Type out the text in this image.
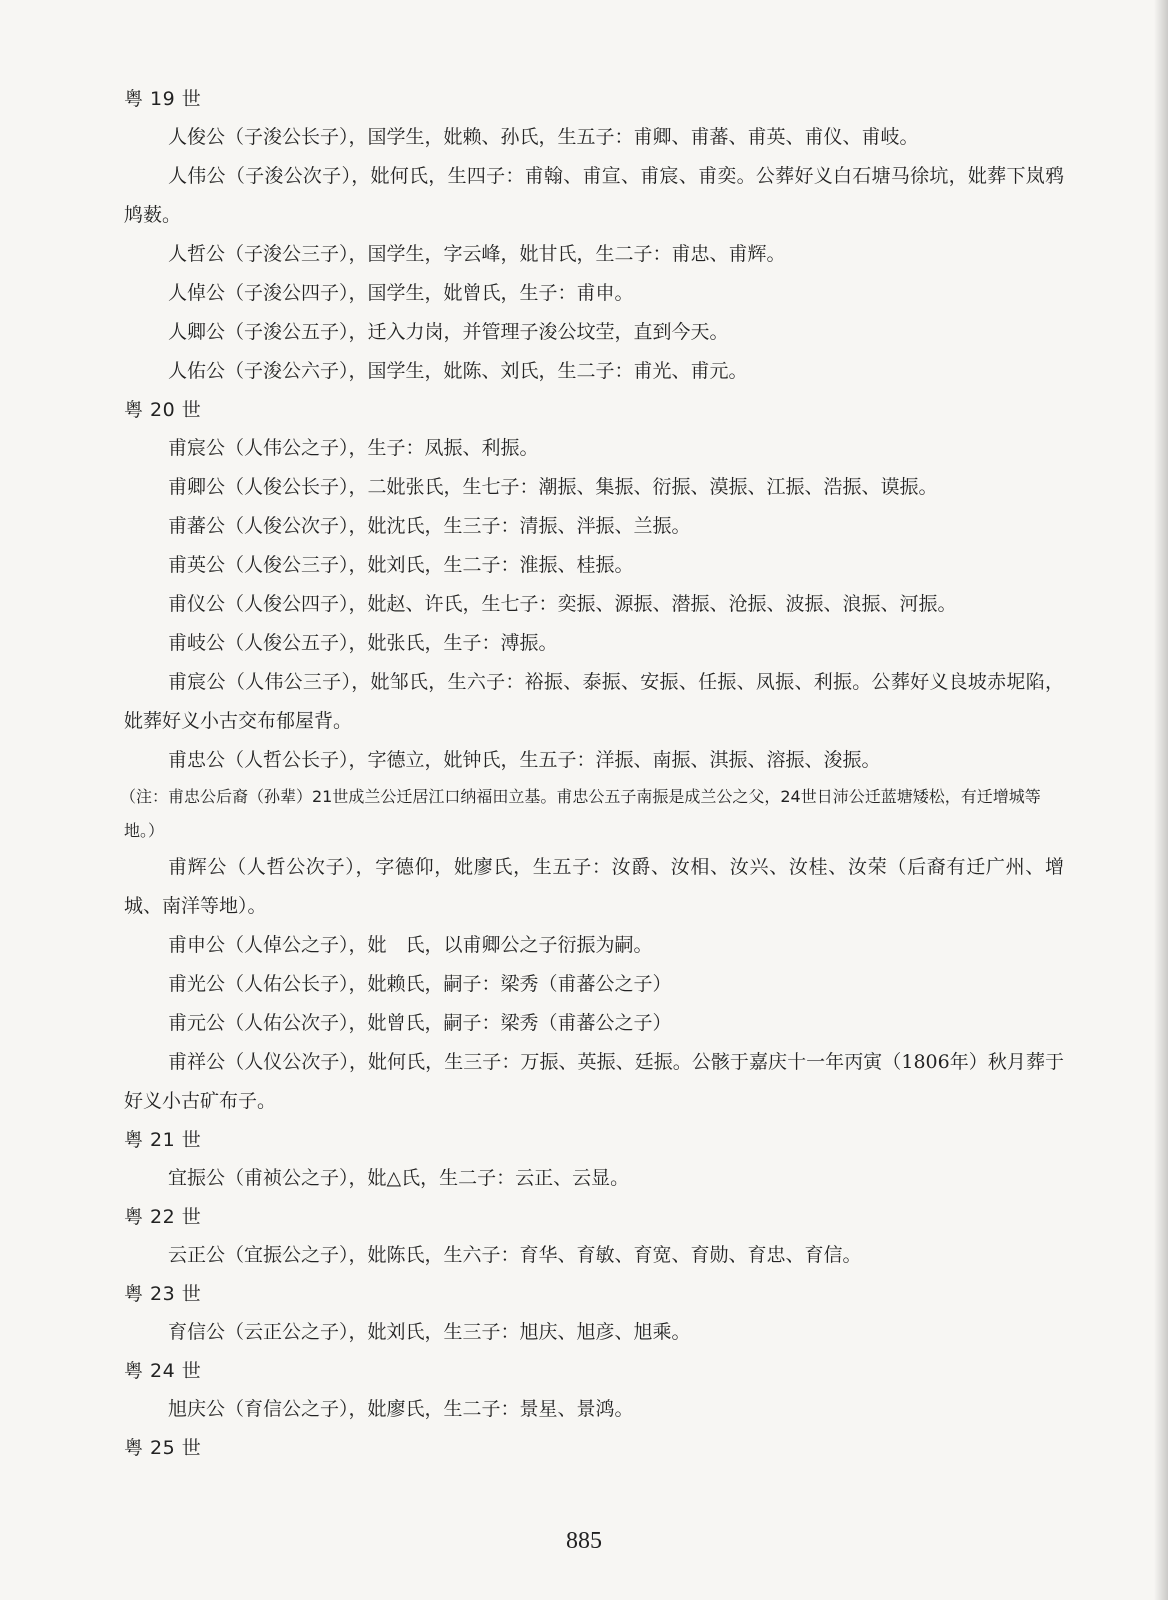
粤 19 世

人俊公（子浚公长子），国学生，妣赖、孙氏，生五子：甫卿、甫蕃、甫英、甫仪、甫岐。

人伟公（子浚公次子），妣何氏，生四子：甫翰、甫宣、甫宸、甫奕。公葬好义白石塘马徐坑，妣葬下岚鸦鸠薮。

人哲公（子浚公三子），国学生，字云峰，妣甘氏，生二子：甫忠、甫辉。

人倬公（子浚公四子），国学生，妣曾氏，生子：甫申。

人卿公（子浚公五子），迁入力岗，并管理子浚公坟茔，直到今天。

人佑公（子浚公六子），国学生，妣陈、刘氏，生二子：甫光、甫元。

粤 20 世

甫宸公（人伟公之子），生子：凤振、利振。

甫卿公（人俊公长子），二妣张氏，生七子：潮振、集振、衍振、漠振、江振、浩振、谟振。

甫蕃公（人俊公次子），妣沈氏，生三子：清振、泮振、兰振。

甫英公（人俊公三子），妣刘氏，生二子：淮振、桂振。

甫仪公（人俊公四子），妣赵、许氏，生七子：奕振、源振、潜振、沧振、波振、浪振、河振。

甫岐公（人俊公五子），妣张氏，生子：溥振。

甫宸公（人伟公三子），妣邹氏，生六子：裕振、泰振、安振、任振、凤振、利振。公葬好义良坡赤坭陷，妣葬好义小古交布郁屋背。

甫忠公（人哲公长子），字德立，妣钟氏，生五子：洋振、南振、淇振、溶振、浚振。

（注：甫忠公后裔（孙辈）21世成兰公迁居江口纳福田立基。甫忠公五子南振是成兰公之父，24世日沛公迁蓝塘矮松，有迁增城等地。）

甫辉公（人哲公次子），字德仰，妣廖氏，生五子：汝爵、汝相、汝兴、汝桂、汝荣（后裔有迁广州、增城、南洋等地）。

甫申公（人倬公之子），妣　氏，以甫卿公之子衍振为嗣。

甫光公（人佑公长子），妣赖氏，嗣子：梁秀（甫蕃公之子）

甫元公（人佑公次子），妣曾氏，嗣子：梁秀（甫蕃公之子）

甫祥公（人仪公次子），妣何氏，生三子：万振、英振、廷振。公骸于嘉庆十一年丙寅（1806年）秋月葬于好义小古矿布子。

粤 21 世

宜振公（甫祯公之子），妣△氏，生二子：云正、云显。

粤 22 世

云正公（宜振公之子），妣陈氏，生六子：育华、育敏、育宽、育勋、育忠、育信。

粤 23 世

育信公（云正公之子），妣刘氏，生三子：旭庆、旭彦、旭乘。

粤 24 世

旭庆公（育信公之子），妣廖氏，生二子：景星、景鸿。

粤 25 世
885
